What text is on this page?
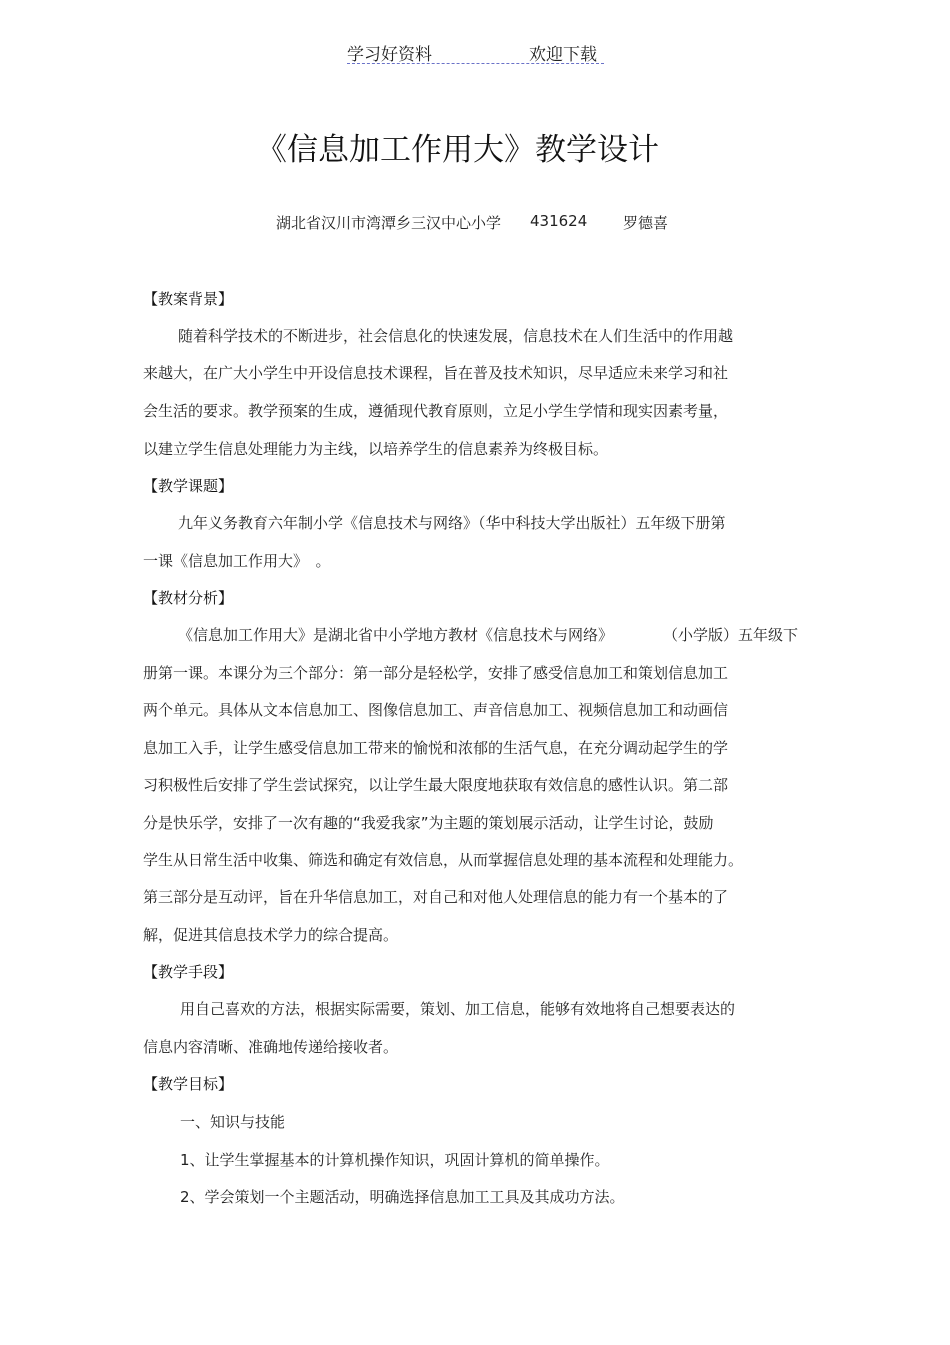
学习好资料	欢迎下载
《信息加工作用大》教学设计
湖北省汉川市湾潭乡三汉中心小学 431624 罗德喜
【教案背景】
随着科学技术的不断进步，社会信息化的快速发展，信息技术在人们生活中的作用越
来越大，在广大小学生中开设信息技术课程，旨在普及技术知识，尽早适应未来学习和社
会生活的要求。教学预案的生成，遵循现代教育原则，立足小学生学情和现实因素考量，
以建立学生信息处理能力为主线，以培养学生的信息素养为终极目标。
【教学课题】
九年义务教育六年制小学《信息技术与网络》（华中科技大学出版社）五年级下册第
一课《信息加工作用大》　。
【教材分析】
《信息加工作用大》是湖北省中小学地方教材《信息技术与网络》	（小学版）五年级下
册第一课。本课分为三个部分：第一部分是轻松学，安排了感受信息加工和策划信息加工
两个单元。具体从文本信息加工、图像信息加工、声音信息加工、视频信息加工和动画信
息加工入手，让学生感受信息加工带来的愉悦和浓郁的生活气息，在充分调动起学生的学
习积极性后安排了学生尝试探究，以让学生最大限度地获取有效信息的感性认识。第二部
分是快乐学，安排了一次有趣的“我爱我家”为主题的策划展示活动，让学生讨论，鼓励
学生从日常生活中收集、筛选和确定有效信息，从而掌握信息处理的基本流程和处理能力。
第三部分是互动评，旨在升华信息加工，对自己和对他人处理信息的能力有一个基本的了
解，促进其信息技术学力的综合提高。
【教学手段】
用自己喜欢的方法，根据实际需要，策划、加工信息，能够有效地将自己想要表达的
信息内容清晰、准确地传递给接收者。
【教学目标】
一、知识与技能
1、让学生掌握基本的计算机操作知识，巩固计算机的简单操作。
2、学会策划一个主题活动，明确选择信息加工工具及其成功方法。
